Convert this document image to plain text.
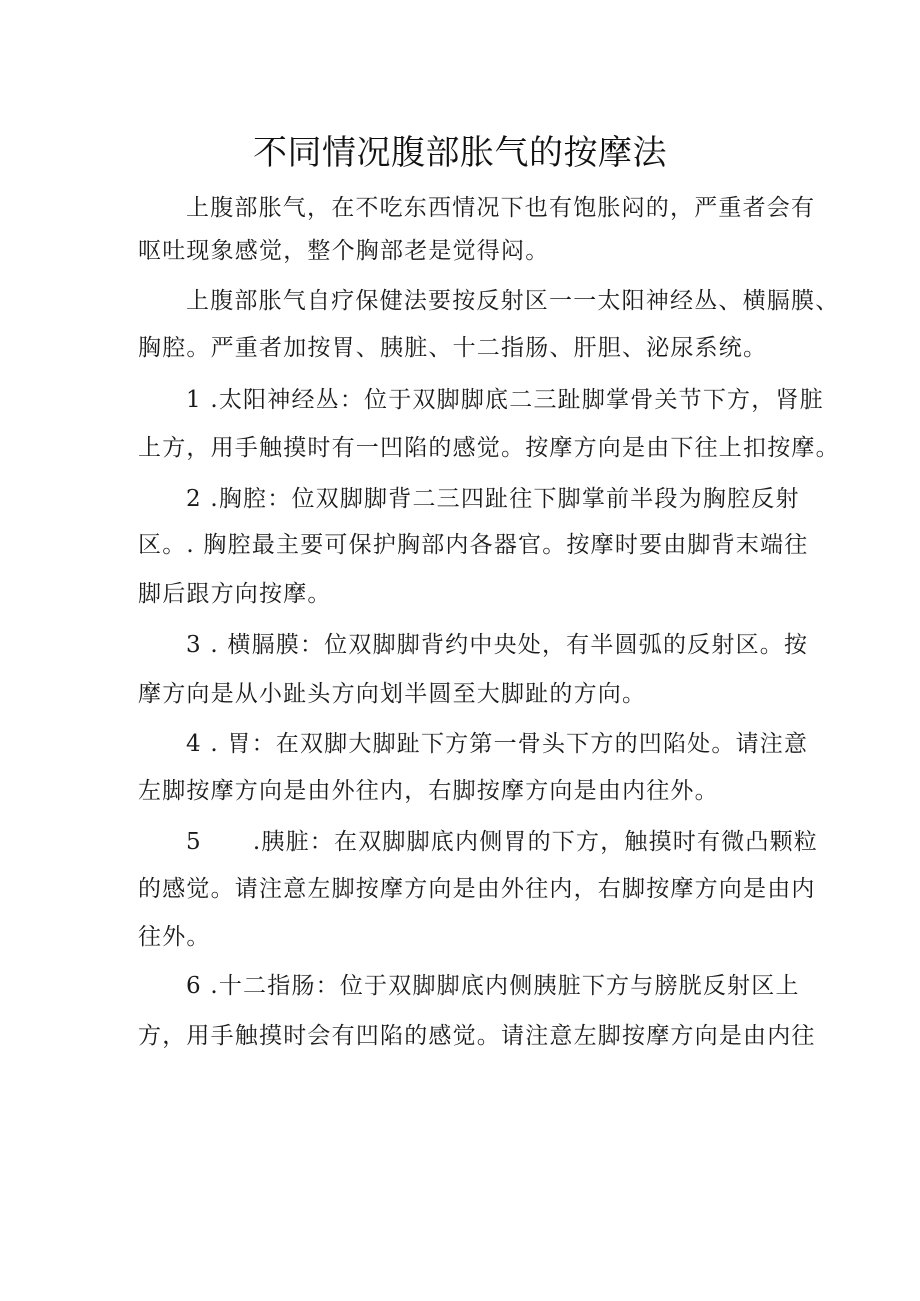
不同情况腹部胀气的按摩法
上腹部胀气，在不吃东西情况下也有饱胀闷的，严重者会有
呕吐现象感觉，整个胸部老是觉得闷。
上腹部胀气自疗保健法要按反射区一一太阳神经丛、横膈膜、
胸腔。严重者加按胃、胰脏、十二指肠、肝胆、泌尿系统。
1 .太阳神经丛：位于双脚脚底二三趾脚掌骨关节下方，肾脏
上方，用手触摸时有一凹陷的感觉。按摩方向是由下往上扣按摩。
2 .胸腔：位双脚脚背二三四趾往下脚掌前半段为胸腔反射
区。. 胸腔最主要可保护胸部内各器官。按摩时要由脚背末端往
脚后跟方向按摩。
3 . 横膈膜：位双脚脚背约中央处，有半圆弧的反射区。按
摩方向是从小趾头方向划半圆至大脚趾的方向。
4 . 胃：在双脚大脚趾下方第一骨头下方的凹陷处。请注意
左脚按摩方向是由外往内，右脚按摩方向是由内往外。
5      .胰脏：在双脚脚底内侧胃的下方，触摸时有微凸颗粒
的感觉。请注意左脚按摩方向是由外往内，右脚按摩方向是由内
往外。
6 .十二指肠：位于双脚脚底内侧胰脏下方与膀胱反射区上
方，用手触摸时会有凹陷的感觉。请注意左脚按摩方向是由内往
